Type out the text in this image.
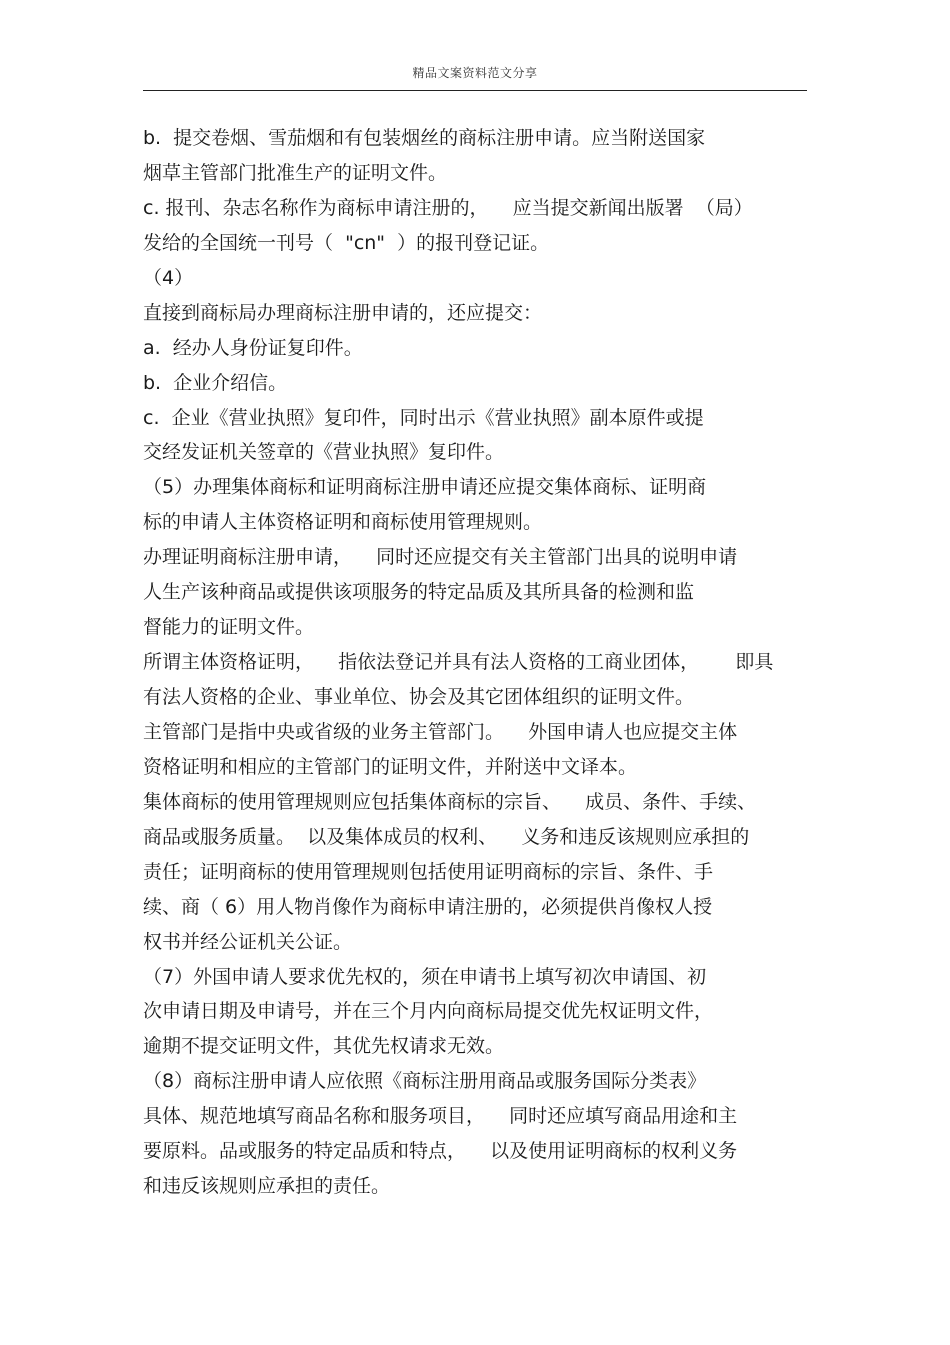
精品文案资料范文分享
b.  提交卷烟、雪茄烟和有包装烟丝的商标注册申请。应当附送国家
烟草主管部门批准生产的证明文件。
c. 报刊、杂志名称作为商标申请注册的，    应当提交新闻出版署  （局）
发给的全国统一刊号（  "cn"  ）的报刊登记证。
（4）
直接到商标局办理商标注册申请的，还应提交：
a.  经办人身份证复印件。
b.  企业介绍信。
c.  企业《营业执照》复印件，同时出示《营业执照》副本原件或提
交经发证机关签章的《营业执照》复印件。
（5）办理集体商标和证明商标注册申请还应提交集体商标、证明商
标的申请人主体资格证明和商标使用管理规则。
办理证明商标注册申请，    同时还应提交有关主管部门出具的说明申请
人生产该种商品或提供该项服务的特定品质及其所具备的检测和监
督能力的证明文件。
所谓主体资格证明，    指依法登记并具有法人资格的工商业团体，      即具
有法人资格的企业、事业单位、协会及其它团体组织的证明文件。
主管部门是指中央或省级的业务主管部门。    外国申请人也应提交主体
资格证明和相应的主管部门的证明文件，并附送中文译本。
集体商标的使用管理规则应包括集体商标的宗旨、    成员、条件、手续、
商品或服务质量。  以及集体成员的权利、    义务和违反该规则应承担的
责任；证明商标的使用管理规则包括使用证明商标的宗旨、条件、手
续、商（ 6）用人物肖像作为商标申请注册的，必须提供肖像权人授
权书并经公证机关公证。
（7）外国申请人要求优先权的，须在申请书上填写初次申请国、初
次申请日期及申请号，并在三个月内向商标局提交优先权证明文件，
逾期不提交证明文件，其优先权请求无效。
（8）商标注册申请人应依照《商标注册用商品或服务国际分类表》
具体、规范地填写商品名称和服务项目，    同时还应填写商品用途和主
要原料。品或服务的特定品质和特点，    以及使用证明商标的权利义务
和违反该规则应承担的责任。
